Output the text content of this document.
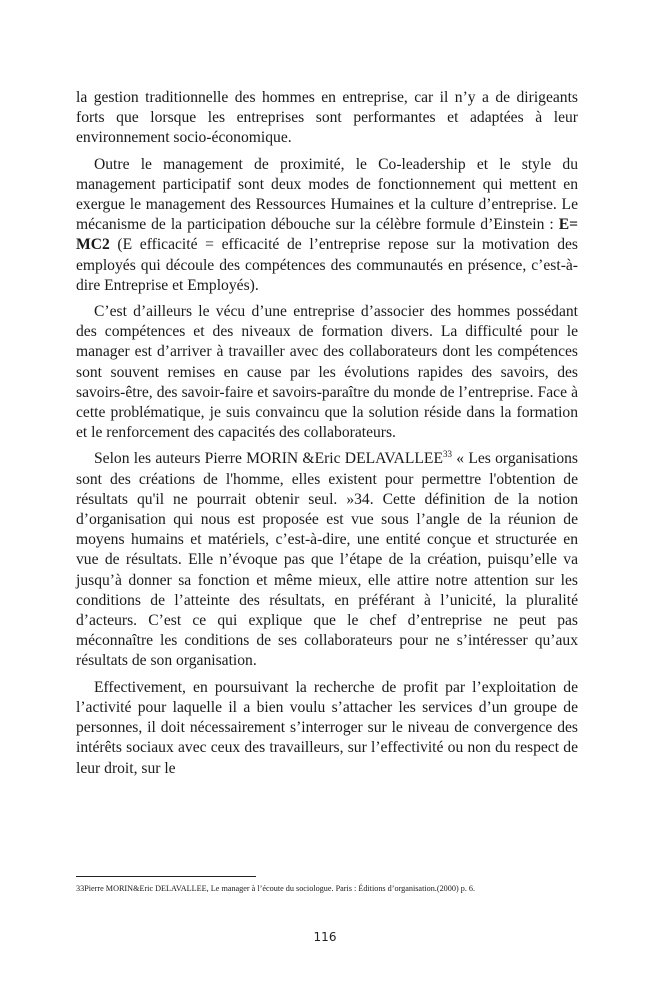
la gestion traditionnelle des hommes en entreprise, car il n’y a de dirigeants forts que lorsque les entreprises sont performantes et adaptées à leur environnement socio-économique.

Outre le management de proximité, le Co-leadership et le style du management participatif sont deux modes de fonctionnement qui mettent en exergue le management des Ressources Humaines et la culture d’entreprise. Le mécanisme de la participation débouche sur la célèbre formule d’Einstein : E= MC2 (E efficacité = efficacité de l’entreprise repose sur la motivation des employés qui découle des compétences des communautés en présence, c’est-à-dire Entreprise et Employés).

C’est d’ailleurs le vécu d’une entreprise d’associer des hommes possédant des compétences et des niveaux de formation divers. La difficulté pour le manager est d’arriver à travailler avec des collaborateurs dont les compétences sont souvent remises en cause par les évolutions rapides des savoirs, des savoirs-être, des savoir-faire et savoirs-paraître du monde de l’entreprise. Face à cette problématique, je suis convaincu que la solution réside dans la formation et le renforcement des capacités des collaborateurs.

Selon les auteurs Pierre MORIN &Eric DELAVALLEE$^{33}$ « Les organisations sont des créations de l'homme, elles existent pour permettre l'obtention de résultats qu'il ne pourrait obtenir seul. »34. Cette définition de la notion d’organisation qui nous est proposée est vue sous l’angle de la réunion de moyens humains et matériels, c’est-à-dire, une entité conçue et structurée en vue de résultats. Elle n’évoque pas que l’étape de la création, puisqu’elle va jusqu’à donner sa fonction et même mieux, elle attire notre attention sur les conditions de l’atteinte des résultats, en préférant à l’unicité, la pluralité d’acteurs. C’est ce qui explique que le chef d’entreprise ne peut pas méconnaître les conditions de ses collaborateurs pour ne s’intéresser qu’aux résultats de son organisation.

Effectivement, en poursuivant la recherche de profit par l’exploitation de l’activité pour laquelle il a bien voulu s’attacher les services d’un groupe de personnes, il doit nécessairement s’interroger sur le niveau de convergence des intérêts sociaux avec ceux des travailleurs, sur l’effectivité ou non du respect de leur droit, sur le

33Pierre MORIN&Eric DELAVALLEE, Le manager à l’écoute du sociologue. Paris : Éditions d’organisation.(2000) p. 6.
116
